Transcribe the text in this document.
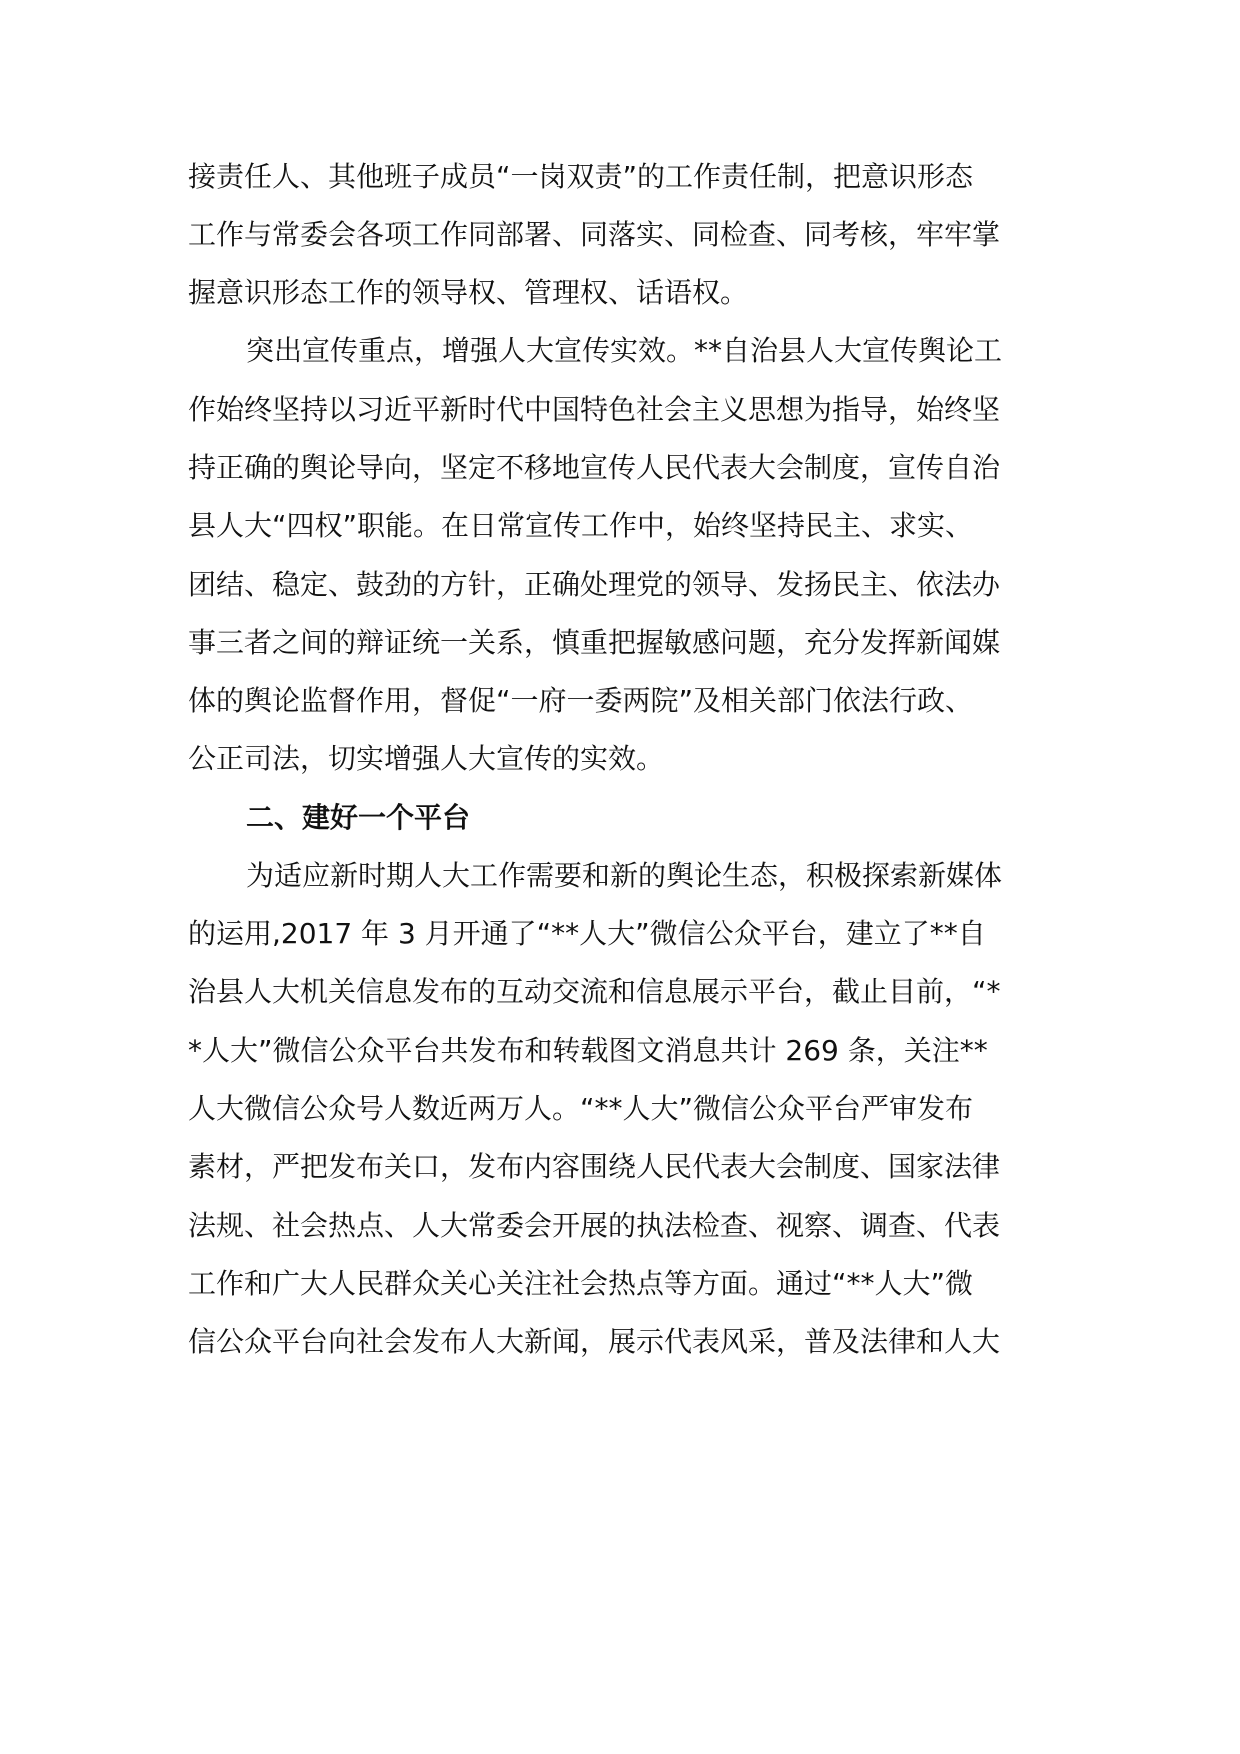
接责任人、其他班子成员“一岗双责”的工作责任制，把意识形态
工作与常委会各项工作同部署、同落实、同检查、同考核，牢牢掌
握意识形态工作的领导权、管理权、话语权。
突出宣传重点，增强人大宣传实效。**自治县人大宣传舆论工
作始终坚持以习近平新时代中国特色社会主义思想为指导，始终坚
持正确的舆论导向，坚定不移地宣传人民代表大会制度，宣传自治
县人大“四权”职能。在日常宣传工作中，始终坚持民主、求实、
团结、稳定、鼓劲的方针，正确处理党的领导、发扬民主、依法办
事三者之间的辩证统一关系，慎重把握敏感问题，充分发挥新闻媒
体的舆论监督作用，督促“一府一委两院”及相关部门依法行政、
公正司法，切实增强人大宣传的实效。
二、建好一个平台
为适应新时期人大工作需要和新的舆论生态，积极探索新媒体
的运用,2017 年 3 月开通了“**人大”微信公众平台，建立了**自
治县人大机关信息发布的互动交流和信息展示平台，截止目前，“*
*人大”微信公众平台共发布和转载图文消息共计 269 条，关注**
人大微信公众号人数近两万人。“**人大”微信公众平台严审发布
素材，严把发布关口，发布内容围绕人民代表大会制度、国家法律
法规、社会热点、人大常委会开展的执法检查、视察、调查、代表
工作和广大人民群众关心关注社会热点等方面。通过“**人大”微
信公众平台向社会发布人大新闻，展示代表风采，普及法律和人大
